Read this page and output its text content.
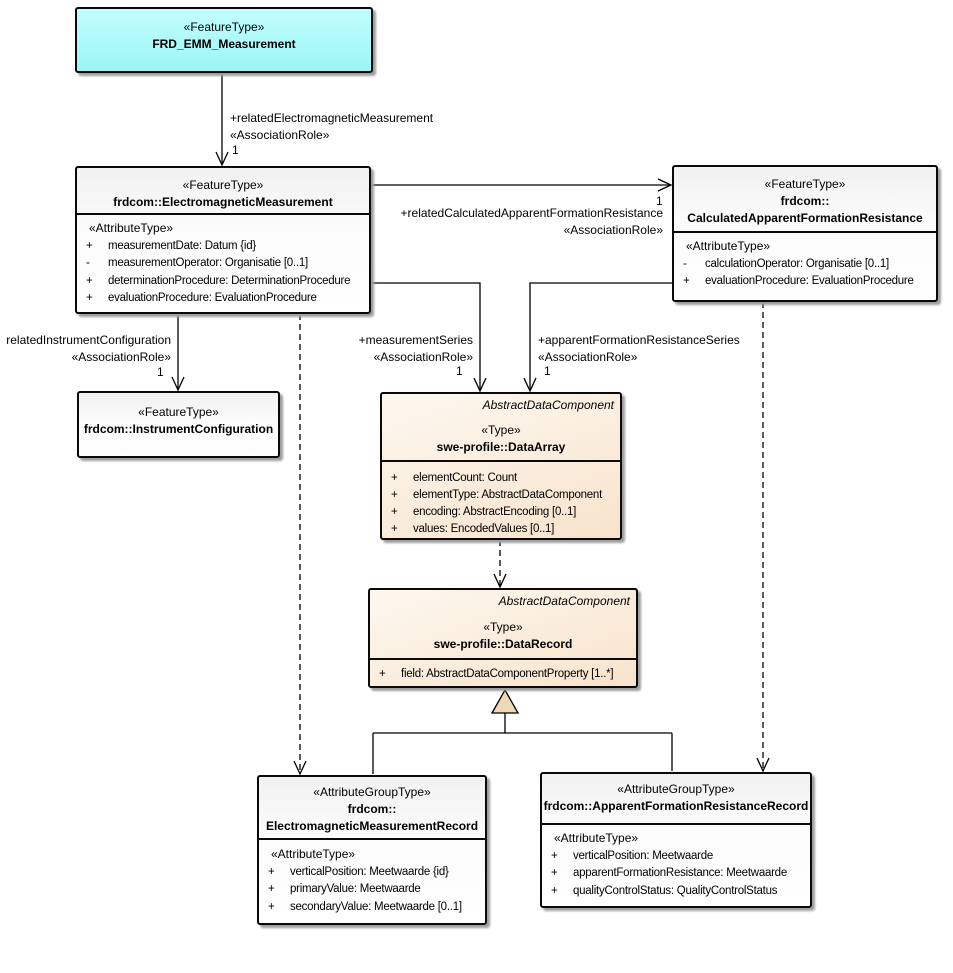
«FeatureType»
FRD_EMM_Measurement
«FeatureType»
frdcom::ElectromagneticMeasurement
«AttributeType»
+	measurementDate: Datum {id}
-	measurementOperator: Organisatie [0..1]
+	determinationProcedure: DeterminationProcedure
+	evaluationProcedure: EvaluationProcedure
«FeatureType»
frdcom::
CalculatedApparentFormationResistance
«AttributeType»
-	calculationOperator: Organisatie [0..1]
+	evaluationProcedure: EvaluationProcedure
«FeatureType»
frdcom::InstrumentConfiguration
AbstractDataComponent
«Type»
swe-profile::DataArray
+	elementCount: Count
+	elementType: AbstractDataComponent
+	encoding: AbstractEncoding [0..1]
+	values: EncodedValues [0..1]
AbstractDataComponent
«Type»
swe-profile::DataRecord
+	field: AbstractDataComponentProperty [1..*]
«AttributeGroupType»
frdcom::
ElectromagneticMeasurementRecord
«AttributeType»
+	verticalPosition: Meetwaarde {id}
+	primaryValue: Meetwaarde
+	secondaryValue: Meetwaarde [0..1]
«AttributeGroupType»
frdcom::ApparentFormationResistanceRecord
«AttributeType»
+	verticalPosition: Meetwaarde
+	apparentFormationResistance: Meetwaarde
+	qualityControlStatus: QualityControlStatus
+relatedElectromagneticMeasurement
«AssociationRole»
1
+relatedCalculatedApparentFormationResistance
«AssociationRole»
1
relatedInstrumentConfiguration
«AssociationRole»
1
+measurementSeries
«AssociationRole»
1
+apparentFormationResistanceSeries
«AssociationRole»
1
